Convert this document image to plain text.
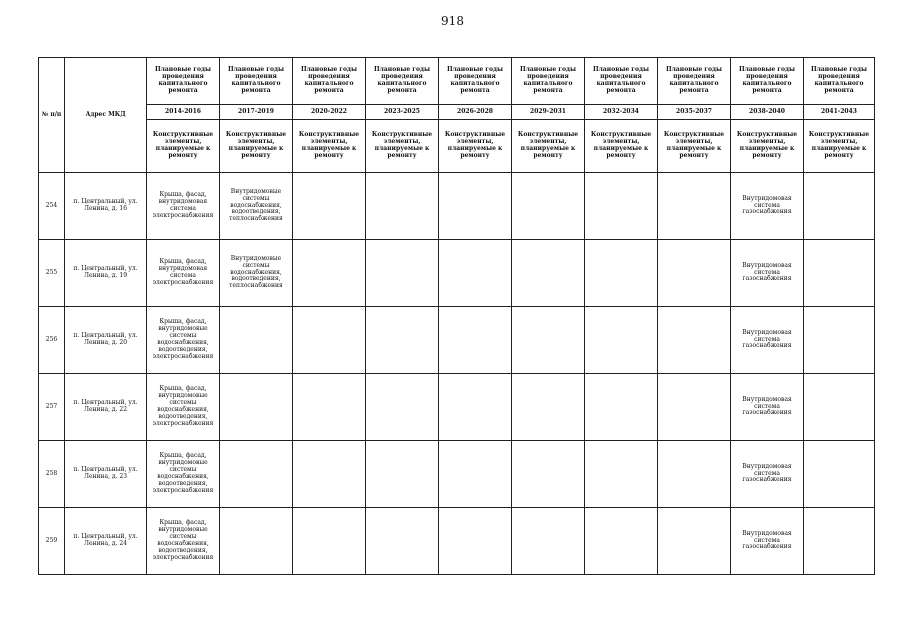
918
№ п/п	Адрес МКД	Плановые годы проведения капитального ремонта	Плановые годы проведения капитального ремонта	Плановые годы проведения капитального ремонта	Плановые годы проведения капитального ремонта	Плановые годы проведения капитального ремонта	Плановые годы проведения капитального ремонта	Плановые годы проведения капитального ремонта	Плановые годы проведения капитального ремонта	Плановые годы проведения капитального ремонта	Плановые годы проведения капитального ремонта
		2014-2016	2017-2019	2020-2022	2023-2025	2026-2028	2029-2031	2032-2034	2035-2037	2038-2040	2041-2043
		Конструктивные элементы, планируемые к ремонту	Конструктивные элементы, планируемые к ремонту	Конструктивные элементы, планируемые к ремонту	Конструктивные элементы, планируемые к ремонту	Конструктивные элементы, планируемые к ремонту	Конструктивные элементы, планируемые к ремонту	Конструктивные элементы, планируемые к ремонту	Конструктивные элементы, планируемые к ремонту	Конструктивные элементы, планируемые к ремонту	Конструктивные элементы, планируемые к ремонту
254	п. Центральный, ул. Ленина, д. 16	Крыша, фасад, внутридомовая система электроснабжения	Внутридомовые системы водоснабжения, водоотведения, теплоснабжения							Внутридомовая система газоснабжения	
255	п. Центральный, ул. Ленина, д. 19	Крыша, фасад, внутридомовая система электроснабжения	Внутридомовые системы водоснабжения, водоотведения, теплоснабжения							Внутридомовая система газоснабжения	
256	п. Центральный, ул. Ленина, д. 20	Крыша, фасад, внутридомовые системы водоснабжения, водоотведения, электроснабжения								Внутридомовая система газоснабжения	
257	п. Центральный, ул. Ленина, д. 22	Крыша, фасад, внутридомовые системы водоснабжения, водоотведения, электроснабжения								Внутридомовая система газоснабжения	
258	п. Центральный, ул. Ленина, д. 23	Крыша, фасад, внутридомовые системы водоснабжения, водоотведения, электроснабжения								Внутридомовая система газоснабжения	
259	п. Центральный, ул. Ленина, д. 24	Крыша, фасад, внутридомовые системы водоснабжения, водоотведения, электроснабжения								Внутридомовая система газоснабжения	
